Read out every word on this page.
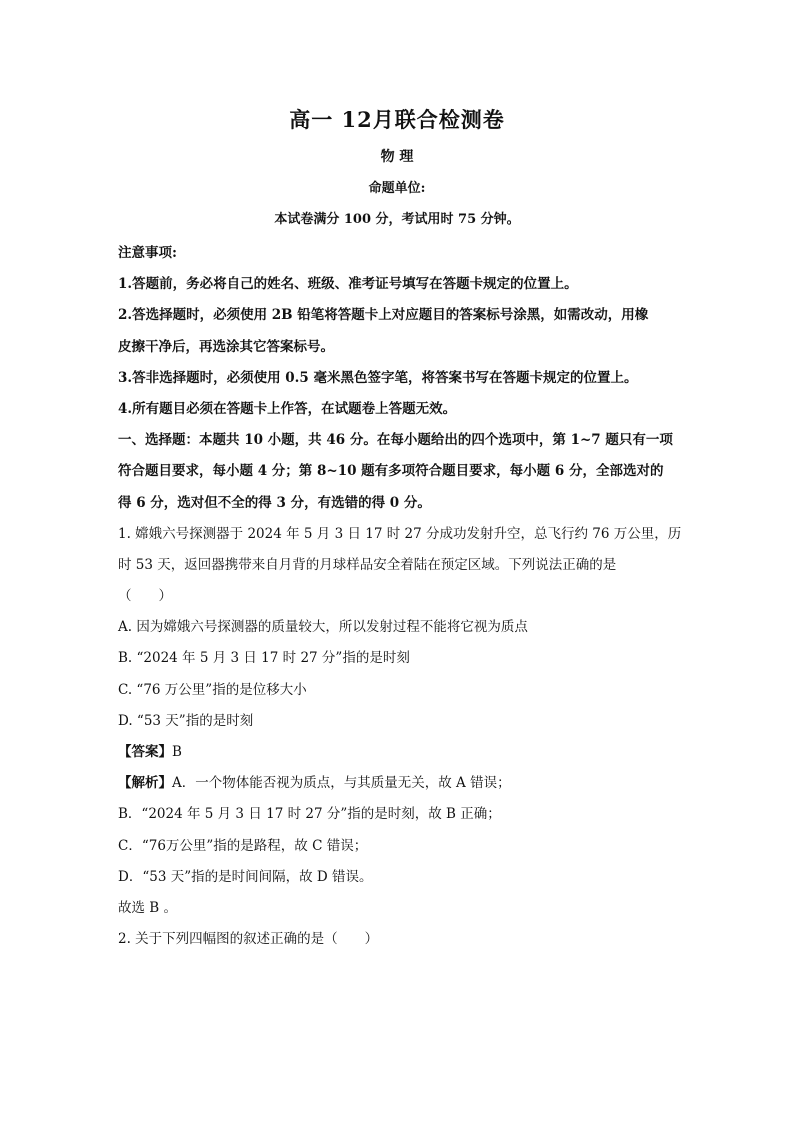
高一 12月联合检测卷
物 理
命题单位:
本试卷满分 100 分，考试用时 75 分钟。
注意事项:
1.答题前，务必将自己的姓名、班级、准考证号填写在答题卡规定的位置上。
2.答选择题时，必须使用 2B 铅笔将答题卡上对应题目的答案标号涂黑，如需改动，用橡
皮擦干净后，再选涂其它答案标号。
3.答非选择题时，必须使用 0.5 毫米黑色签字笔，将答案书写在答题卡规定的位置上。
4.所有题目必须在答题卡上作答，在试题卷上答题无效。
一、选择题：本题共 10 小题，共 46 分。在每小题给出的四个选项中，第 1~7 题只有一项
符合题目要求，每小题 4 分；第 8~10 题有多项符合题目要求，每小题 6 分，全部选对的
得 6 分，选对但不全的得 3 分，有选错的得 0 分。
1. 嫦娥六号探测器于 2024 年 5 月 3 日 17 时 27 分成功发射升空，总飞行约 76 万公里，历
时 53 天，返回器携带来自月背的月球样品安全着陆在预定区域。下列说法正确的是
（　　）
A. 因为嫦娥六号探测器的质量较大，所以发射过程不能将它视为质点
B. “2024 年 5 月 3 日 17 时 27 分”指的是时刻
C. “76 万公里”指的是位移大小
D. “53 天”指的是时刻
【答案】B
【解析】A．一个物体能否视为质点，与其质量无关，故 A 错误；
B．“2024 年 5 月 3 日 17 时 27 分”指的是时刻，故 B 正确；
C．“76万公里”指的是路程，故 C 错误；
D．“53 天”指的是时间间隔，故 D 错误。
故选 B 。
2. 关于下列四幅图的叙述正确的是（　　）
